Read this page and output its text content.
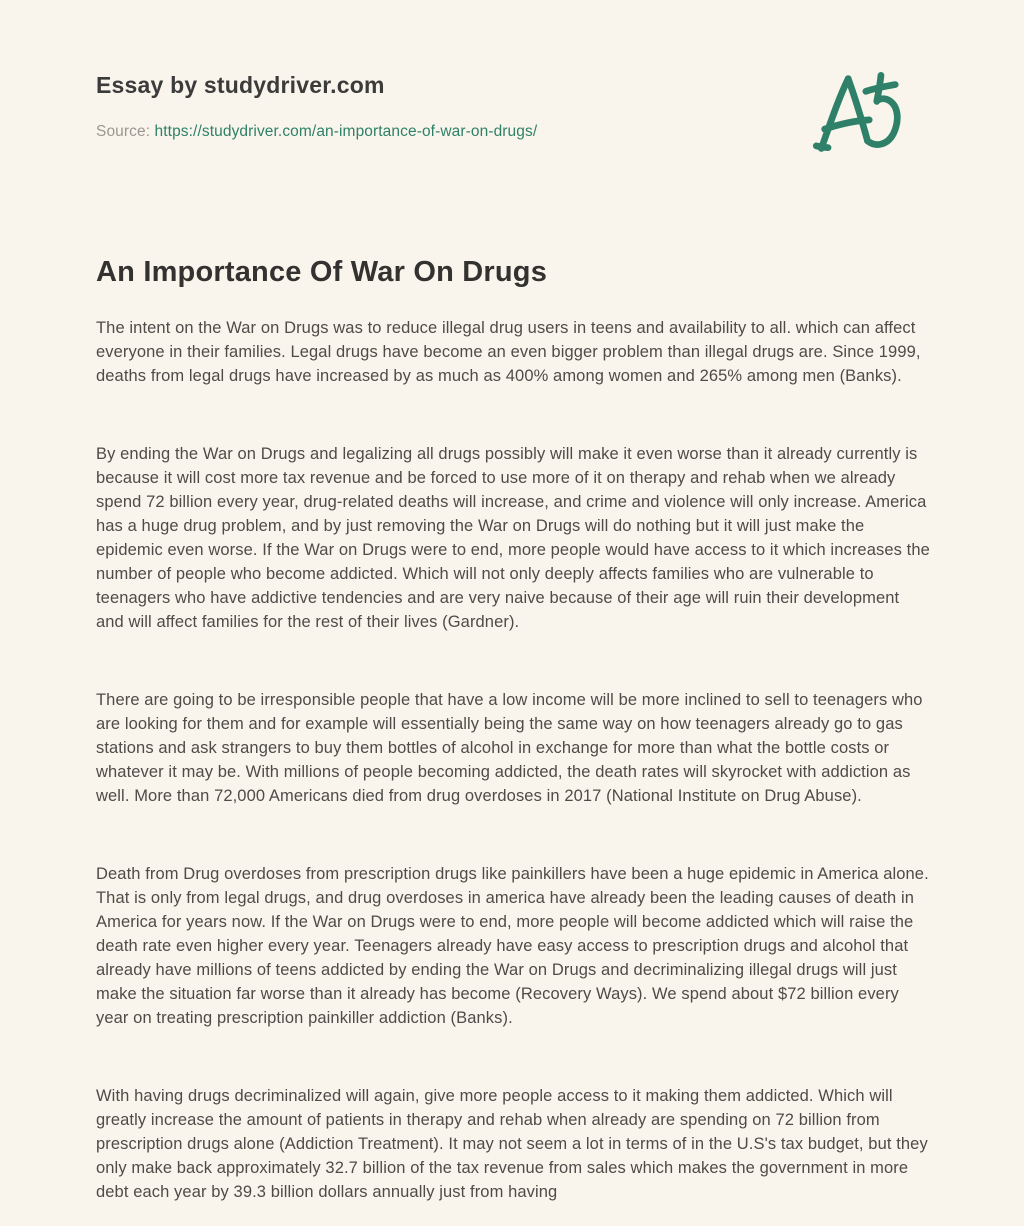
Essay by studydriver.com
Source: https://studydriver.com/an-importance-of-war-on-drugs/
An Importance Of War On Drugs

The intent on the War on Drugs was to reduce illegal drug users in teens and availability to all. which can affect everyone in their families. Legal drugs have become an even bigger problem than illegal drugs are. Since 1999, deaths from legal drugs have increased by as much as 400% among women and 265% among men (Banks).

By ending the War on Drugs and legalizing all drugs possibly will make it even worse than it already currently is because it will cost more tax revenue and be forced to use more of it on therapy and rehab when we already spend 72 billion every year, drug-related deaths will increase, and crime and violence will only increase. America has a huge drug problem, and by just removing the War on Drugs will do nothing but it will just make the epidemic even worse. If the War on Drugs were to end, more people would have access to it which increases the number of people who become addicted. Which will not only deeply affects families who are vulnerable to teenagers who have addictive tendencies and are very naive because of their age will ruin their development and will affect families for the rest of their lives (Gardner).

There are going to be irresponsible people that have a low income will be more inclined to sell to teenagers who are looking for them and for example will essentially being the same way on how teenagers already go to gas stations and ask strangers to buy them bottles of alcohol in exchange for more than what the bottle costs or whatever it may be. With millions of people becoming addicted, the death rates will skyrocket with addiction as well. More than 72,000 Americans died from drug overdoses in 2017 (National Institute on Drug Abuse).

Death from Drug overdoses from prescription drugs like painkillers have been a huge epidemic in America alone. That is only from legal drugs, and drug overdoses in america have already been the leading causes of death in America for years now. If the War on Drugs were to end, more people will become addicted which will raise the death rate even higher every year. Teenagers already have easy access to prescription drugs and alcohol that already have millions of teens addicted by ending the War on Drugs and decriminalizing illegal drugs will just make the situation far worse than it already has become (Recovery Ways). We spend about $72 billion every year on treating prescription painkiller addiction (Banks).

With having drugs decriminalized will again, give more people access to it making them addicted. Which will greatly increase the amount of patients in therapy and rehab when already are spending on 72 billion from prescription drugs alone (Addiction Treatment). It may not seem a lot in terms of in the U.S's tax budget, but they only make back approximately 32.7 billion of the tax revenue from sales which makes the government in more debt each year by 39.3 billion dollars annually just from having
